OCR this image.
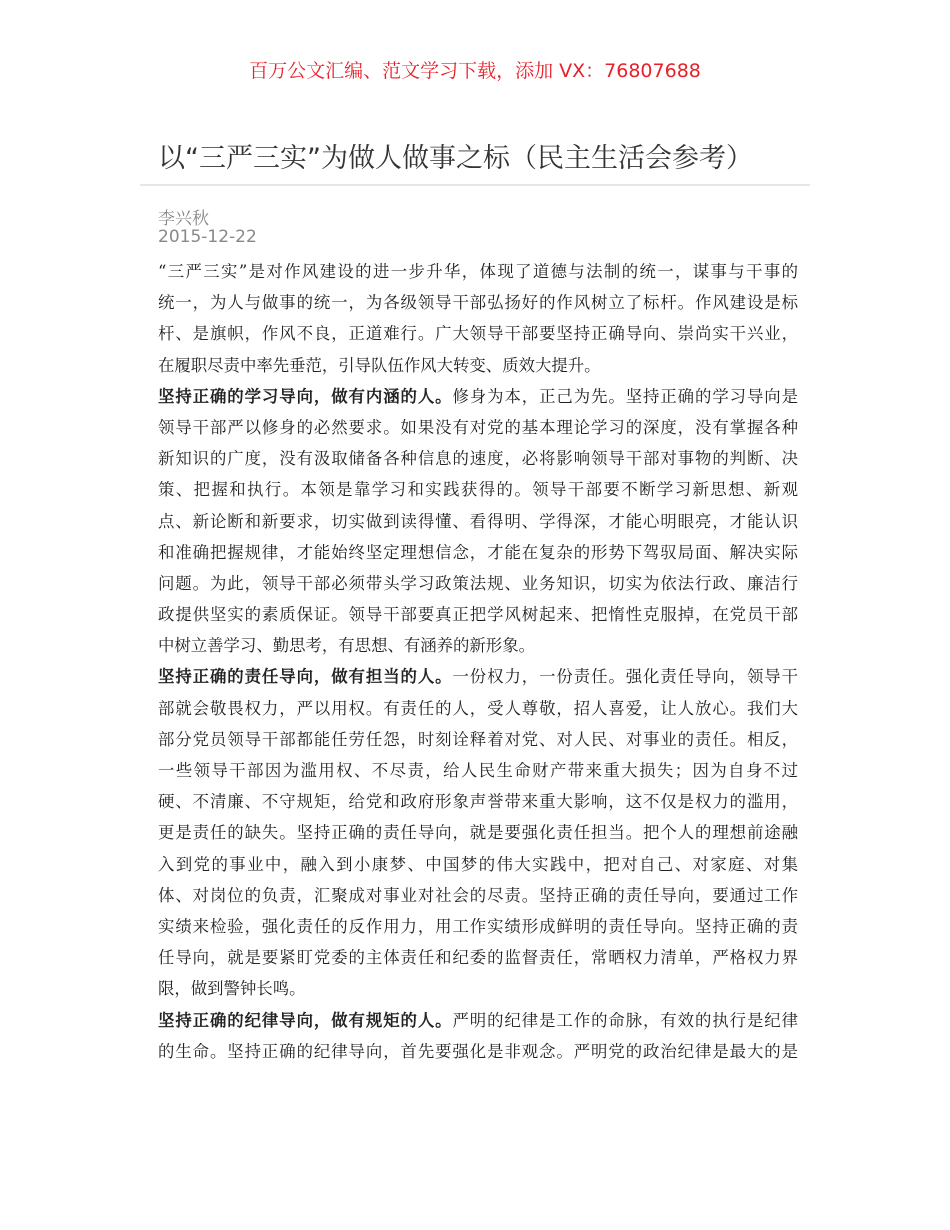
百万公文汇编、范文学习下载，添加 VX：76807688
以“三严三实”为做人做事之标（民主生活会参考）
李兴秋
2015-12-22
“三严三实”是对作风建设的进一步升华，体现了道德与法制的统一，谋事与干事的
统一，为人与做事的统一，为各级领导干部弘扬好的作风树立了标杆。作风建设是标
杆、是旗帜，作风不良，正道难行。广大领导干部要坚持正确导向、崇尚实干兴业，
在履职尽责中率先垂范，引导队伍作风大转变、质效大提升。
坚持正确的学习导向，做有内涵的人。修身为本，正己为先。坚持正确的学习导向是
领导干部严以修身的必然要求。如果没有对党的基本理论学习的深度，没有掌握各种
新知识的广度，没有汲取储备各种信息的速度，必将影响领导干部对事物的判断、决
策、把握和执行。本领是靠学习和实践获得的。领导干部要不断学习新思想、新观
点、新论断和新要求，切实做到读得懂、看得明、学得深，才能心明眼亮，才能认识
和准确把握规律，才能始终坚定理想信念，才能在复杂的形势下驾驭局面、解决实际
问题。为此，领导干部必须带头学习政策法规、业务知识，切实为依法行政、廉洁行
政提供坚实的素质保证。领导干部要真正把学风树起来、把惰性克服掉，在党员干部
中树立善学习、勤思考，有思想、有涵养的新形象。
坚持正确的责任导向，做有担当的人。一份权力，一份责任。强化责任导向，领导干
部就会敬畏权力，严以用权。有责任的人，受人尊敬，招人喜爱，让人放心。我们大
部分党员领导干部都能任劳任怨，时刻诠释着对党、对人民、对事业的责任。相反，
一些领导干部因为滥用权、不尽责，给人民生命财产带来重大损失；因为自身不过
硬、不清廉、不守规矩，给党和政府形象声誉带来重大影响，这不仅是权力的滥用，
更是责任的缺失。坚持正确的责任导向，就是要强化责任担当。把个人的理想前途融
入到党的事业中，融入到小康梦、中国梦的伟大实践中，把对自己、对家庭、对集
体、对岗位的负责，汇聚成对事业对社会的尽责。坚持正确的责任导向，要通过工作
实绩来检验，强化责任的反作用力，用工作实绩形成鲜明的责任导向。坚持正确的责
任导向，就是要紧盯党委的主体责任和纪委的监督责任，常晒权力清单，严格权力界
限，做到警钟长鸣。
坚持正确的纪律导向，做有规矩的人。严明的纪律是工作的命脉，有效的执行是纪律
的生命。坚持正确的纪律导向，首先要强化是非观念。严明党的政治纪律是最大的是
